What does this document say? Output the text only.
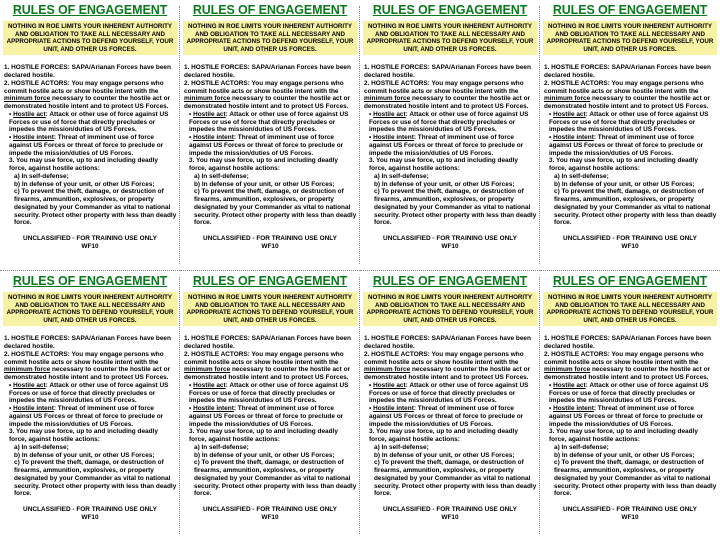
RULES OF ENGAGEMENT
NOTHING IN ROE LIMITS YOUR INHERENT AUTHORITY AND OBLIGATION TO TAKE ALL NECESSARY AND APPROPRIATE ACTIONS TO DEFEND YOURSELF, YOUR UNIT, AND OTHER US FORCES.
1. HOSTILE FORCES: SAPA/Arianan Forces have been declared hostile.
2. HOSTILE ACTORS: You may engage persons who commit hostile acts or show hostile intent with the minimum force necessary to counter the hostile act or demonstrated hostile intent and to protect US Forces.
• Hostile act: Attack or other use of force against US Forces or use of force that directly precludes or impedes the mission/duties of US Forces.
• Hostile intent: Threat of imminent use of force against US Forces or threat of force to preclude or impede the mission/duties of US Forces.
3. You may use force, up to and including deadly force, against hostile actions:
a) In self-defense;
b) In defense of your unit, or other US Forces;
c) To prevent the theft, damage, or destruction of firearms, ammunition, explosives, or property designated by your Commander as vital to national security. Protect other property with less than deadly force.
UNCLASSIFIED - FOR TRAINING USE ONLY
WF10
RULES OF ENGAGEMENT
NOTHING IN ROE LIMITS YOUR INHERENT AUTHORITY AND OBLIGATION TO TAKE ALL NECESSARY AND APPROPRIATE ACTIONS TO DEFEND YOURSELF, YOUR UNIT, AND OTHER US FORCES.
1. HOSTILE FORCES: SAPA/Arianan Forces have been declared hostile.
2. HOSTILE ACTORS: You may engage persons who commit hostile acts or show hostile intent with the minimum force necessary to counter the hostile act or demonstrated hostile intent and to protect US Forces.
• Hostile act: Attack or other use of force against US Forces or use of force that directly precludes or impedes the mission/duties of US Forces.
• Hostile intent: Threat of imminent use of force against US Forces or threat of force to preclude or impede the mission/duties of US Forces.
3. You may use force, up to and including deadly force, against hostile actions:
a) In self-defense;
b) In defense of your unit, or other US Forces;
c) To prevent the theft, damage, or destruction of firearms, ammunition, explosives, or property designated by your Commander as vital to national security. Protect other property with less than deadly force.
UNCLASSIFIED - FOR TRAINING USE ONLY
WF10
RULES OF ENGAGEMENT
NOTHING IN ROE LIMITS YOUR INHERENT AUTHORITY AND OBLIGATION TO TAKE ALL NECESSARY AND APPROPRIATE ACTIONS TO DEFEND YOURSELF, YOUR UNIT, AND OTHER US FORCES.
1. HOSTILE FORCES: SAPA/Arianan Forces have been declared hostile.
2. HOSTILE ACTORS: You may engage persons who commit hostile acts or show hostile intent with the minimum force necessary to counter the hostile act or demonstrated hostile intent and to protect US Forces.
• Hostile act: Attack or other use of force against US Forces or use of force that directly precludes or impedes the mission/duties of US Forces.
• Hostile intent: Threat of imminent use of force against US Forces or threat of force to preclude or impede the mission/duties of US Forces.
3. You may use force, up to and including deadly force, against hostile actions:
a) In self-defense;
b) In defense of your unit, or other US Forces;
c) To prevent the theft, damage, or destruction of firearms, ammunition, explosives, or property designated by your Commander as vital to national security. Protect other property with less than deadly force.
UNCLASSIFIED - FOR TRAINING USE ONLY
WF10
RULES OF ENGAGEMENT
NOTHING IN ROE LIMITS YOUR INHERENT AUTHORITY AND OBLIGATION TO TAKE ALL NECESSARY AND APPROPRIATE ACTIONS TO DEFEND YOURSELF, YOUR UNIT, AND OTHER US FORCES.
1. HOSTILE FORCES: SAPA/Arianan Forces have been declared hostile.
2. HOSTILE ACTORS: You may engage persons who commit hostile acts or show hostile intent with the minimum force necessary to counter the hostile act or demonstrated hostile intent and to protect US Forces.
• Hostile act: Attack or other use of force against US Forces or use of force that directly precludes or impedes the mission/duties of US Forces.
• Hostile intent: Threat of imminent use of force against US Forces or threat of force to preclude or impede the mission/duties of US Forces.
3. You may use force, up to and including deadly force, against hostile actions:
a) In self-defense;
b) In defense of your unit, or other US Forces;
c) To prevent the theft, damage, or destruction of firearms, ammunition, explosives, or property designated by your Commander as vital to national security. Protect other property with less than deadly force.
UNCLASSIFIED - FOR TRAINING USE ONLY
WF10
RULES OF ENGAGEMENT
NOTHING IN ROE LIMITS YOUR INHERENT AUTHORITY AND OBLIGATION TO TAKE ALL NECESSARY AND APPROPRIATE ACTIONS TO DEFEND YOURSELF, YOUR UNIT, AND OTHER US FORCES.
1. HOSTILE FORCES: SAPA/Arianan Forces have been declared hostile.
2. HOSTILE ACTORS: You may engage persons who commit hostile acts or show hostile intent with the minimum force necessary to counter the hostile act or demonstrated hostile intent and to protect US Forces.
• Hostile act: Attack or other use of force against US Forces or use of force that directly precludes or impedes the mission/duties of US Forces.
• Hostile intent: Threat of imminent use of force against US Forces or threat of force to preclude or impede the mission/duties of US Forces.
3. You may use force, up to and including deadly force, against hostile actions:
a) In self-defense;
b) In defense of your unit, or other US Forces;
c) To prevent the theft, damage, or destruction of firearms, ammunition, explosives, or property designated by your Commander as vital to national security. Protect other property with less than deadly force.
UNCLASSIFIED - FOR TRAINING USE ONLY
WF10
RULES OF ENGAGEMENT
NOTHING IN ROE LIMITS YOUR INHERENT AUTHORITY AND OBLIGATION TO TAKE ALL NECESSARY AND APPROPRIATE ACTIONS TO DEFEND YOURSELF, YOUR UNIT, AND OTHER US FORCES.
1. HOSTILE FORCES: SAPA/Arianan Forces have been declared hostile.
2. HOSTILE ACTORS: You may engage persons who commit hostile acts or show hostile intent with the minimum force necessary to counter the hostile act or demonstrated hostile intent and to protect US Forces.
• Hostile act: Attack or other use of force against US Forces or use of force that directly precludes or impedes the mission/duties of US Forces.
• Hostile intent: Threat of imminent use of force against US Forces or threat of force to preclude or impede the mission/duties of US Forces.
3. You may use force, up to and including deadly force, against hostile actions:
a) In self-defense;
b) In defense of your unit, or other US Forces;
c) To prevent the theft, damage, or destruction of firearms, ammunition, explosives, or property designated by your Commander as vital to national security. Protect other property with less than deadly force.
UNCLASSIFIED - FOR TRAINING USE ONLY
WF10
RULES OF ENGAGEMENT
NOTHING IN ROE LIMITS YOUR INHERENT AUTHORITY AND OBLIGATION TO TAKE ALL NECESSARY AND APPROPRIATE ACTIONS TO DEFEND YOURSELF, YOUR UNIT, AND OTHER US FORCES.
1. HOSTILE FORCES: SAPA/Arianan Forces have been declared hostile.
2. HOSTILE ACTORS: You may engage persons who commit hostile acts or show hostile intent with the minimum force necessary to counter the hostile act or demonstrated hostile intent and to protect US Forces.
• Hostile act: Attack or other use of force against US Forces or use of force that directly precludes or impedes the mission/duties of US Forces.
• Hostile intent: Threat of imminent use of force against US Forces or threat of force to preclude or impede the mission/duties of US Forces.
3. You may use force, up to and including deadly force, against hostile actions:
a) In self-defense;
b) In defense of your unit, or other US Forces;
c) To prevent the theft, damage, or destruction of firearms, ammunition, explosives, or property designated by your Commander as vital to national security. Protect other property with less than deadly force.
UNCLASSIFIED - FOR TRAINING USE ONLY
WF10
RULES OF ENGAGEMENT
NOTHING IN ROE LIMITS YOUR INHERENT AUTHORITY AND OBLIGATION TO TAKE ALL NECESSARY AND APPROPRIATE ACTIONS TO DEFEND YOURSELF, YOUR UNIT, AND OTHER US FORCES.
1. HOSTILE FORCES: SAPA/Arianan Forces have been declared hostile.
2. HOSTILE ACTORS: You may engage persons who commit hostile acts or show hostile intent with the minimum force necessary to counter the hostile act or demonstrated hostile intent and to protect US Forces.
• Hostile act: Attack or other use of force against US Forces or use of force that directly precludes or impedes the mission/duties of US Forces.
• Hostile intent: Threat of imminent use of force against US Forces or threat of force to preclude or impede the mission/duties of US Forces.
3. You may use force, up to and including deadly force, against hostile actions:
a) In self-defense;
b) In defense of your unit, or other US Forces;
c) To prevent the theft, damage, or destruction of firearms, ammunition, explosives, or property designated by your Commander as vital to national security. Protect other property with less than deadly force.
UNCLASSIFIED - FOR TRAINING USE ONLY
WF10
